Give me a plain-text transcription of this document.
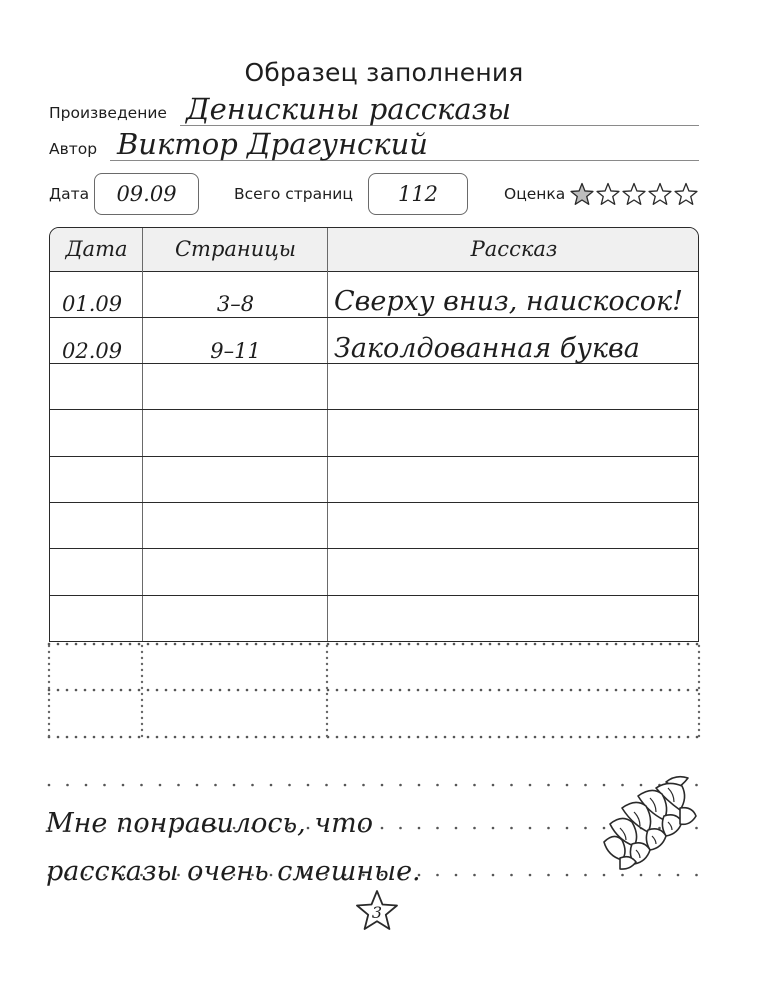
Образец заполнения
Произведение Денискины рассказы
Автор Виктор Драгунский
Дата	09.09	Всего страниц	112	Оценка
Дата	Страницы	Рассказ
01.09	3–8	Сверху вниз, наискосок!
02.09	9–11	Заколдованная буква
Мне понравилось, что
рассказы очень смешные.
3
